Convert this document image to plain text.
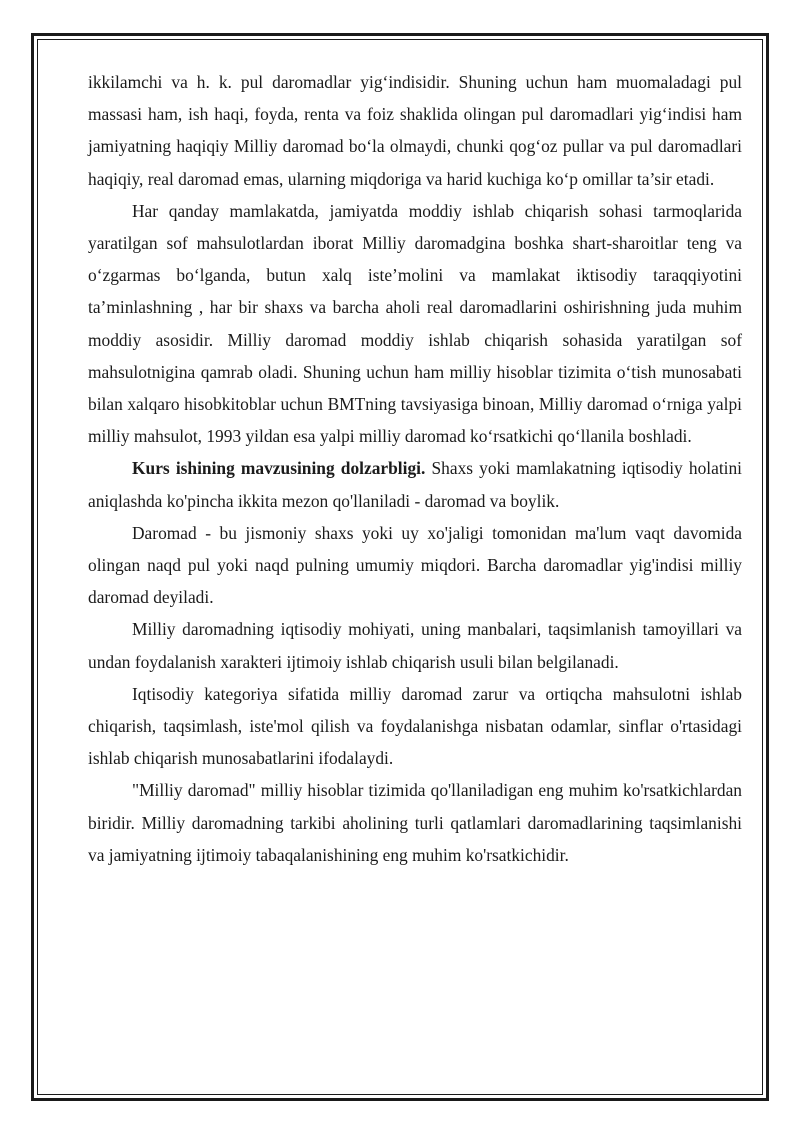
ikkilamchi va h. k. pul daromadlar yig‘indisidir. Shuning uchun ham muomaladagi pul massasi ham, ish haqi, foyda, renta va foiz shaklida olingan pul daromadlari yig‘indisi ham jamiyatning haqiqiy Milliy daromad bo‘la olmaydi, chunki qog‘oz pullar va pul daromadlari haqiqiy, real daromad emas, ularning miqdoriga va harid kuchiga ko‘p omillar ta’sir etadi.

Har qanday mamlakatda, jamiyatda moddiy ishlab chiqarish sohasi tarmoqlarida yaratilgan sof mahsulotlardan iborat Milliy daromadgina boshka shart-sharoitlar teng va o‘zgarmas bo‘lganda, butun xalq iste’molini va mamlakat iktisodiy taraqqiyotini ta’minlashning , har bir shaxs va barcha aholi real daromadlarini oshirishning juda muhim moddiy asosidir. Milliy daromad moddiy ishlab chiqarish sohasida yaratilgan sof mahsulotnigina qamrab oladi. Shuning uchun ham milliy hisoblar tizimita o‘tish munosabati bilan xalqaro hisobkitoblar uchun BMTning tavsiyasiga binoan, Milliy daromad o‘rniga yalpi milliy mahsulot, 1993 yildan esa yalpi milliy daromad ko‘rsatkichi qo‘llanila boshladi.

Kurs ishining mavzusining dolzarbligi. Shaxs yoki mamlakatning iqtisodiy holatini aniqlashda ko'pincha ikkita mezon qo'llaniladi - daromad va boylik.

Daromad - bu jismoniy shaxs yoki uy xo'jaligi tomonidan ma'lum vaqt davomida olingan naqd pul yoki naqd pulning umumiy miqdori. Barcha daromadlar yig'indisi milliy daromad deyiladi.

Milliy daromadning iqtisodiy mohiyati, uning manbalari, taqsimlanish tamoyillari va undan foydalanish xarakteri ijtimoiy ishlab chiqarish usuli bilan belgilanadi.

Iqtisodiy kategoriya sifatida milliy daromad zarur va ortiqcha mahsulotni ishlab chiqarish, taqsimlash, iste'mol qilish va foydalanishga nisbatan odamlar, sinflar o'rtasidagi ishlab chiqarish munosabatlarini ifodalaydi.

"Milliy daromad" milliy hisoblar tizimida qo'llaniladigan eng muhim ko'rsatkichlardan biridir. Milliy daromadning tarkibi aholining turli qatlamlari daromadlarining taqsimlanishi va jamiyatning ijtimoiy tabaqalanishining eng muhim ko'rsatkichidir.
